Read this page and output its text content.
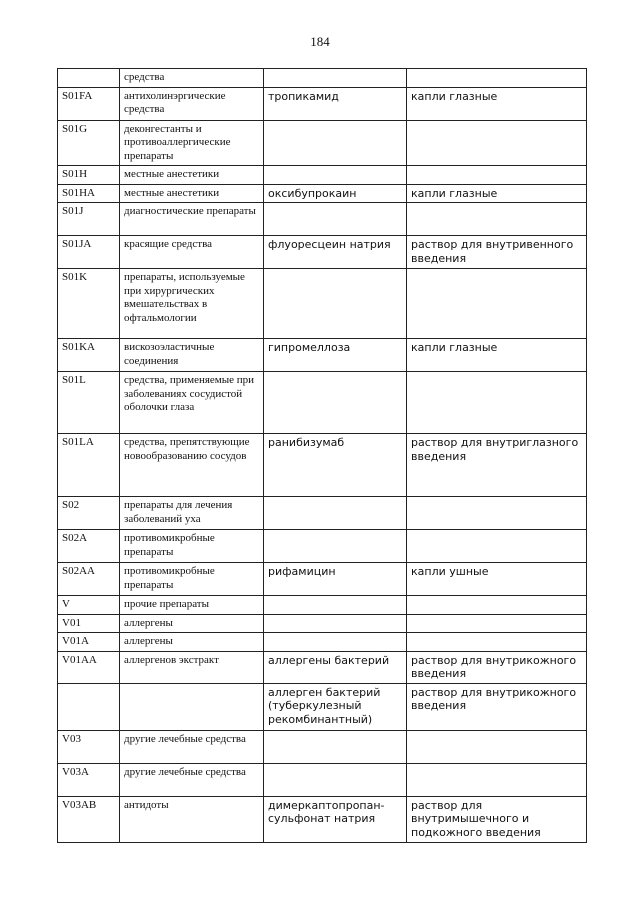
184
	средства		
S01FA	антихолинэргические средства	тропикамид	капли глазные
S01G	деконгестанты и противоаллергические препараты		
S01H	местные анестетики		
S01HA	местные анестетики	оксибупрокаин	капли глазные
S01J	диагностические препараты		
S01JA	красящие средства	флуоресцеин натрия	раствор для внутривенного введения
S01K	препараты, используемые при хирургических вмешательствах в офтальмологии		
S01KA	вискозоэластичные соединения	гипромеллоза	капли глазные
S01L	средства, применяемые при заболеваниях сосудистой оболочки глаза		
S01LA	средства, препятствующие новообразованию сосудов	ранибизумаб	раствор для внутриглазного введения
S02	препараты для лечения заболеваний уха		
S02A	противомикробные препараты		
S02AA	противомикробные препараты	рифамицин	капли ушные
V	прочие препараты		
V01	аллергены		
V01A	аллергены		
V01AA	аллергенов экстракт	аллергены бактерий	раствор для внутрикожного введения
		аллерген бактерий (туберкулезный рекомбинантный)	раствор для внутрикожного введения
V03	другие лечебные средства		
V03A	другие лечебные средства		
V03AB	антидоты	димеркаптопропан-сульфонат натрия	раствор для внутримышечного и подкожного введения
